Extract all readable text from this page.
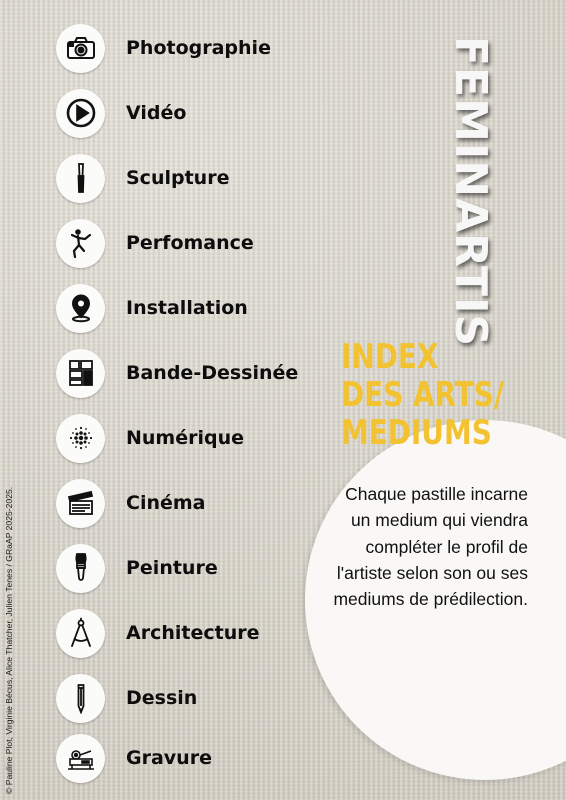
Photographie
Vidéo
Sculpture
Perfomance
Installation
Bande-Dessinée
Numérique
Cinéma
Peinture
Architecture
Dessin
Gravure
© Pauline Plot, Virginie Bécus, Alice Thatcher, Julien Tenes / GRaAP 2025-2025.
FEMINARTIS
INDEX
DES ARTS/
MEDIUMS

Chaque pastille incarne un medium qui viendra compléter le profil de l'artiste selon son ou ses mediums de prédilection.
